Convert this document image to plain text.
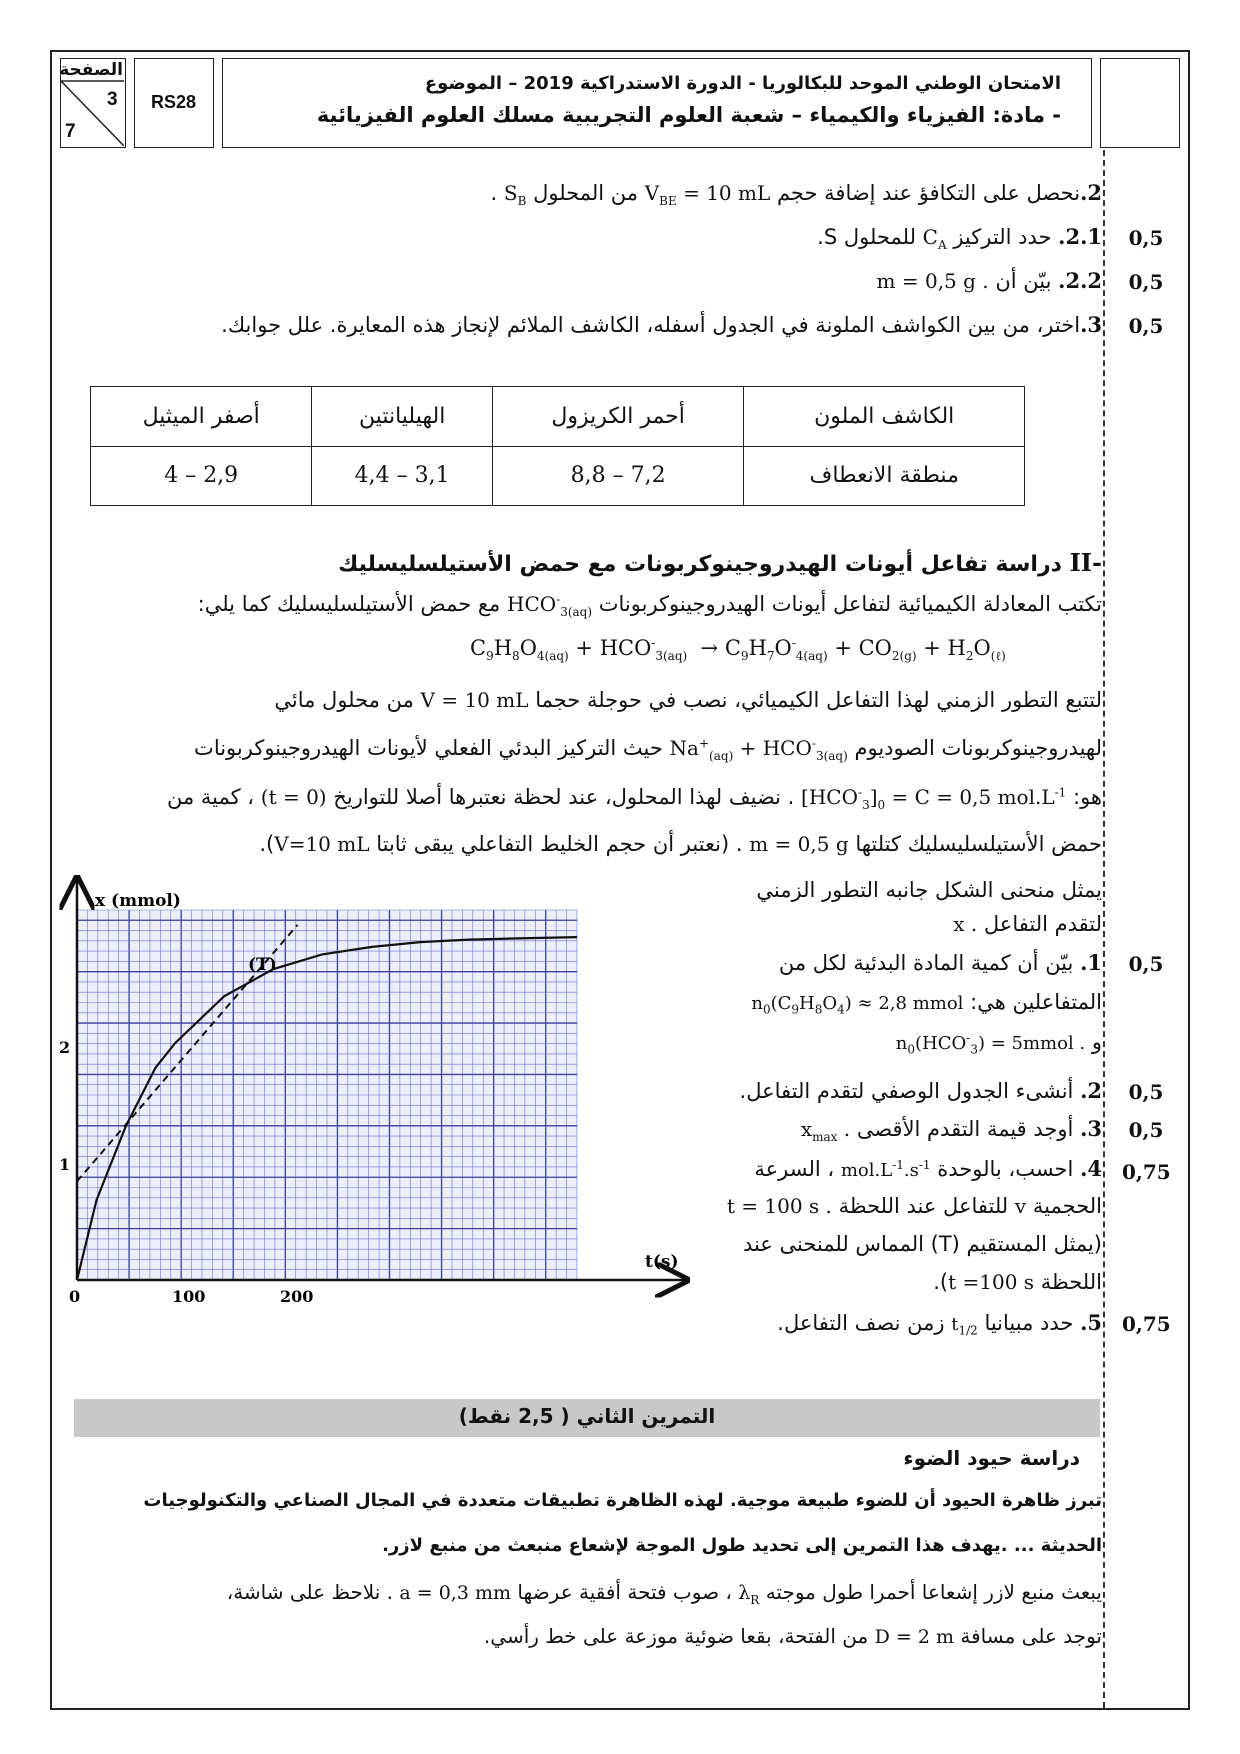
الصفحة
3
7
RS28
الامتحان الوطني الموحد للبكالوريا - الدورة الاستدراكية 2019 – الموضوع
- مادة: الفيزياء والكيمياء – شعبة العلوم التجريبية مسلك العلوم الفيزيائية
2.نحصل على التكافؤ عند إضافة حجم $V_{BE} = 10$ mL من المحلول $S_B$ .
2.1. حدد التركيز $C_A$ للمحلول S.	0,5
2.2. بيّن أن m = 0,5 g .	0,5
3.اختر، من بين الكواشف الملونة في الجدول أسفله، الكاشف الملائم لإنجاز هذه المعايرة. علل جوابك.	0,5
الكاشف الملون	أحمر الكريزول	الهيليانتين	أصفر الميثيل
منطقة الانعطاف	7,2 – 8,8	3,1 – 4,4	2,9 – 4
II- دراسة تفاعل أيونات الهيدروجينوكربونات مع حمض الأستيلسليسليك
تكتب المعادلة الكيميائية لتفاعل أيونات الهيدروجينوكربونات $HCO^-_{3(aq)}$ مع حمض الأستيلسليسليك كما يلي:
$C_9H_8O_{4(aq)} + HCO^-_{3(aq)} \to C_9H_7O^-_{4(aq)} + CO_{2(g)} + H_2O_{(\ell)}$
لتتبع التطور الزمني لهذا التفاعل الكيميائي، نصب في حوجلة حجما V = 10 mL من محلول مائي
لهيدروجينوكربونات الصوديوم $Na^+_{(aq)} + HCO^-_{3(aq)}$ حيث التركيز البدئي الفعلي لأيونات الهيدروجينوكربونات
هو: $[HCO^-_3]_0 = C = 0,5$ $mol.L^{-1}$ . نضيف لهذا المحلول، عند لحظة نعتبرها أصلا للتواريخ (t = 0) ، كمية من
حمض الأستيلسليسليك كتلتها m = 0,5 g . (نعتبر أن حجم الخليط التفاعلي يبقى ثابتا V=10 mL).
يمثل منحنى الشكل جانبه التطور الزمني
لتقدم التفاعل x .
1. بيّن أن كمية المادة البدئية لكل من	0,5
المتفاعلين هي: $n_0(C_9H_8O_4) \approx 2,8$ mmol
و $n_0(HCO^-_3)$ = 5mmol .
2. أنشىء الجدول الوصفي لتقدم التفاعل.	0,5
3. أوجد قيمة التقدم الأقصى $x_{max}$ .	0,5
4. احسب، بالوحدة $mol.L^{-1}.s^{-1}$ ، السرعة	0,75
الحجمية v للتفاعل عند اللحظة t = 100 s .
(يمثل المستقيم (T) المماس للمنحنى عند
اللحظة t =100 s).
5. حدد مبيانيا $t_{1/2}$ زمن نصف التفاعل.	0,75
x (mmol)
t(s)
(T)
1
2
0	100	200
التمرين الثاني ( 2,5 نقط)
دراسة حيود الضوء
تبرز ظاهرة الحيود أن للضوء طبيعة موجية. لهذه الظاهرة تطبيقات متعددة في المجال الصناعي والتكنولوجيات
الحديثة ... .يهدف هذا التمرين إلى تحديد طول الموجة لإشعاع منبعث من منبع لازر.
يبعث منبع لازر إشعاعا أحمرا طول موجته $\lambda_R$ ، صوب فتحة أفقية عرضها a = 0,3 mm . نلاحظ على شاشة،
توجد على مسافة D = 2 m من الفتحة، بقعا ضوئية موزعة على خط رأسي.
